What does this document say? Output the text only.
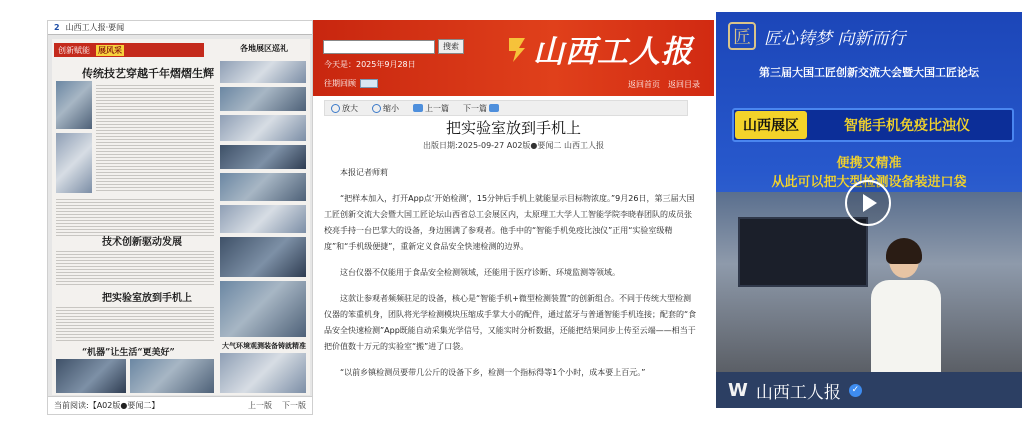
2 山西工人报·要闻
创新赋能 展风采	各地展区巡礼
传统技艺穿越千年熠熠生辉
技术创新驱动发展
把实验室放到手机上
“机器”让生活“更美好”
大气环境观测装备铸就精准
当前阅读:【A02版●要闻二】	上一版 下一版
搜索
今天是：2025年9月28日
往期回顾
山西工人报
返回首页 返回目录
放大	缩小	上一篇 下一篇
把实验室放到手机上
出版日期:2025-09-27 A02版●要闻二 山西工人报

本报记者师莉

“把样本加入，打开App点‘开始检测’，15分钟后手机上就能显示目标物浓度。”9月26日，第三届大国工匠创新交流大会暨大国工匠论坛山西省总工会展区内，太原理工大学人工智能学院李晓春团队的成员张校亮手持一台巴掌大的设备，身边围满了参观者。他手中的“智能手机免疫比浊仪”正用“实验室级精度”和“手机级便捷”，重新定义食品安全快速检测的边界。

这台仪器不仅能用于食品安全检测领域，还能用于医疗诊断、环境监测等领域。

这款让参观者频频驻足的设备，核心是“智能手机+微型检测装置”的创新组合。不同于传统大型检测仪器的笨重机身，团队将光学检测模块压缩成手掌大小的配件，通过蓝牙与普通智能手机连接；配套的“食品安全快速检测”App既能自动采集光学信号，又能实时分析数据，还能把结果同步上传至云端——相当于把价值数十万元的实验室“搬”进了口袋。

“以前乡镇检测员要带几公斤的设备下乡，检测一个指标得等1个小时，成本要上百元。”

匠 匠心铸梦 向新而行
第三届大国工匠创新交流大会暨大国工匠论坛
山西展区	智能手机免疫比浊仪
便携又精准
从此可以把大型检测设备装进口袋
W 山西工人报	✓
